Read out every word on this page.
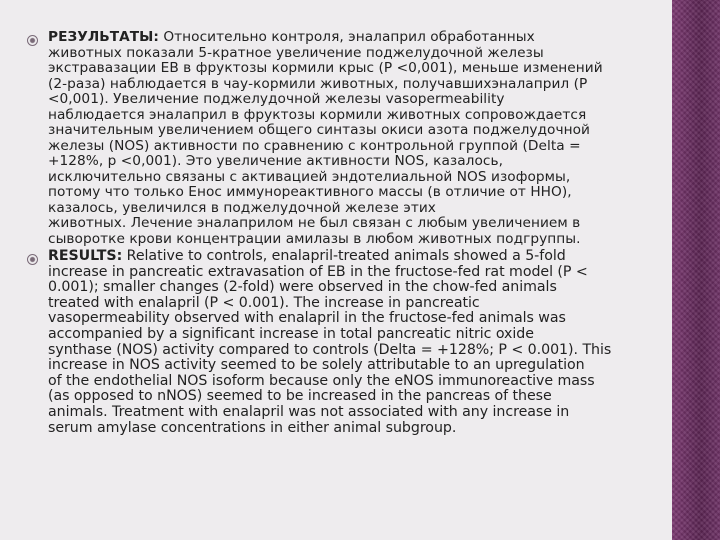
РЕЗУЛЬТАТЫ: Относительно контроля, эналаприл обработанных
животных показали 5-кратное увеличение поджелудочной железы
экстравазации EB в фруктозы кормили крыс (P <0,001), меньше изменений
(2-раза) наблюдается в чау-кормили животных, получавшихэналаприл (P
<0,001). Увеличение поджелудочной железы vasopermeability
наблюдается эналаприл в фруктозы кормили животных сопровождается
значительным увеличением общего синтазы окиси азота поджелудочной
железы (NOS) активности по сравнению с контрольной группой (Delta =
+128%, p <0,001). Это увеличение активности NOS, казалось,
исключительно связаны с активацией эндотелиальной NOS изоформы,
потому что только Енос иммунореактивного массы (в отличие от ННО),
казалось, увеличился в поджелудочной железе этих
животных. Лечение эналаприлом не был связан с любым увеличением в
сыворотке крови концентрации амилазы в любом животных подгруппы.

RESULTS: Relative to controls, enalapril-treated animals showed a 5-fold
increase in pancreatic extravasation of EB in the fructose-fed rat model (P <
0.001); smaller changes (2-fold) were observed in the chow-fed animals
treated with enalapril (P < 0.001). The increase in pancreatic
vasopermeability observed with enalapril in the fructose-fed animals was
accompanied by a significant increase in total pancreatic nitric oxide
synthase (NOS) activity compared to controls (Delta = +128%; P < 0.001). This
increase in NOS activity seemed to be solely attributable to an upregulation
of the endothelial NOS isoform because only the eNOS immunoreactive mass
(as opposed to nNOS) seemed to be increased in the pancreas of these
animals. Treatment with enalapril was not associated with any increase in
serum amylase concentrations in either animal subgroup.
